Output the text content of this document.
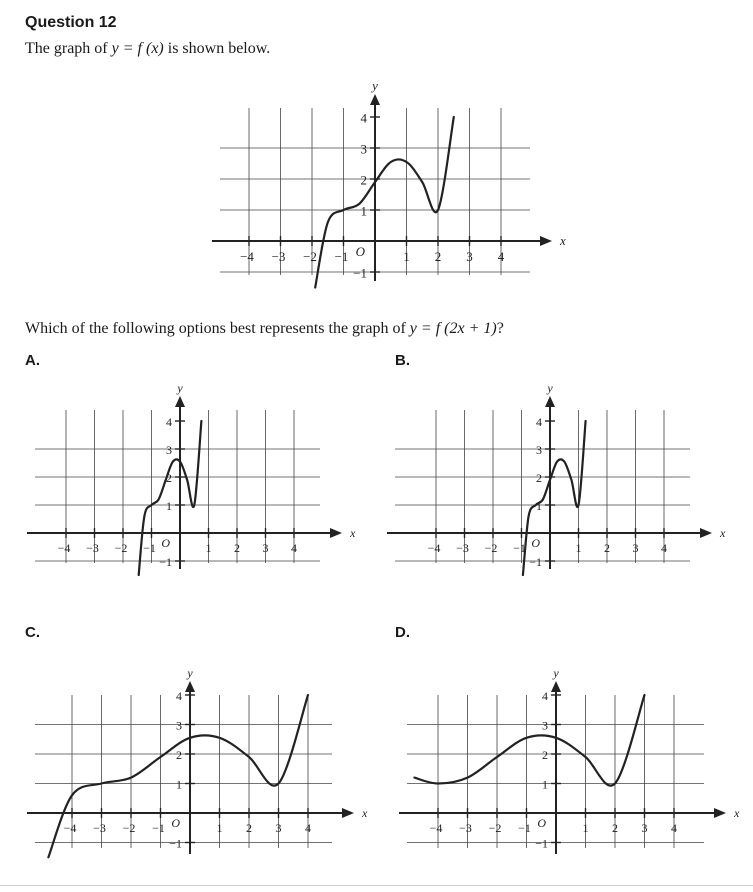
Question 12
The graph of y = f (x) is shown below.
−4 −3 −2 −1	1 2 3 4
4
3
2
1
−1
O
x
y
Which of the following options best represents the graph of y = f (2x + 1)?
A.	B.
−4 −3 −2 −1	1 2 3 4
4
3
2
1
−1
O
x
y
−4 −3 −2 −1	1 2 3 4
4
3
2
1
−1
O
x
y
C.	D.
−4 −3 −2 −1	1 2 3 4
4
3
2
1
−1
O
x
y
−4 −3 −2 −1	1 2 3 4
4
3
2
1
−1
O
x
y
